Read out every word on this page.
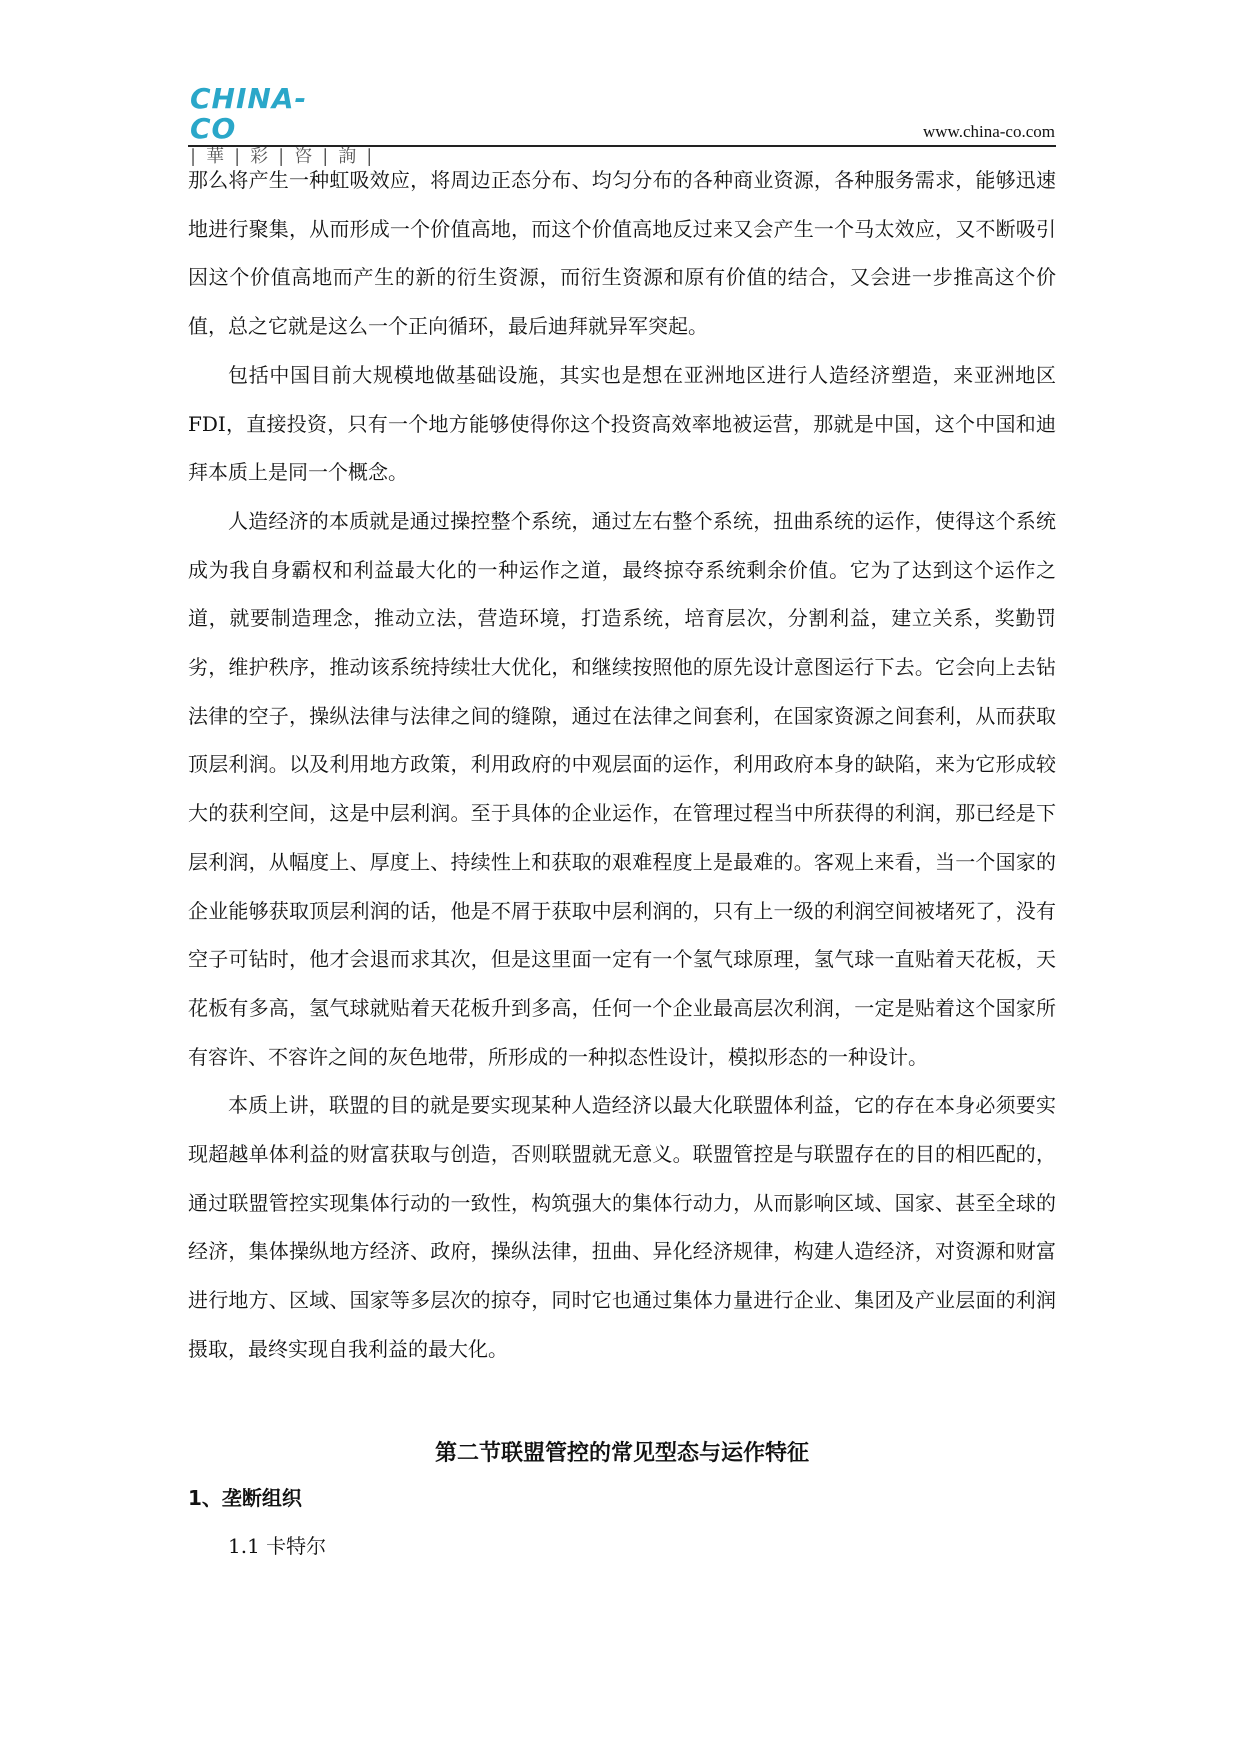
CHINA-CO
|華|彩|咨|詢|
www.china-co.com

那么将产生一种虹吸效应，将周边正态分布、均匀分布的各种商业资源，各种服务需求，能够迅速地进行聚集，从而形成一个价值高地，而这个价值高地反过来又会产生一个马太效应，又不断吸引因这个价值高地而产生的新的衍生资源，而衍生资源和原有价值的结合，又会进一步推高这个价值，总之它就是这么一个正向循环，最后迪拜就异军突起。

包括中国目前大规模地做基础设施，其实也是想在亚洲地区进行人造经济塑造，来亚洲地区 FDI，直接投资，只有一个地方能够使得你这个投资高效率地被运营，那就是中国，这个中国和迪拜本质上是同一个概念。

人造经济的本质就是通过操控整个系统，通过左右整个系统，扭曲系统的运作，使得这个系统成为我自身霸权和利益最大化的一种运作之道，最终掠夺系统剩余价值。它为了达到这个运作之道，就要制造理念，推动立法，营造环境，打造系统，培育层次，分割利益，建立关系，奖勤罚劣，维护秩序，推动该系统持续壮大优化，和继续按照他的原先设计意图运行下去。它会向上去钻法律的空子，操纵法律与法律之间的缝隙，通过在法律之间套利，在国家资源之间套利，从而获取顶层利润。以及利用地方政策，利用政府的中观层面的运作，利用政府本身的缺陷，来为它形成较大的获利空间，这是中层利润。至于具体的企业运作，在管理过程当中所获得的利润，那已经是下层利润，从幅度上、厚度上、持续性上和获取的艰难程度上是最难的。客观上来看，当一个国家的企业能够获取顶层利润的话，他是不屑于获取中层利润的，只有上一级的利润空间被堵死了，没有空子可钻时，他才会退而求其次，但是这里面一定有一个氢气球原理，氢气球一直贴着天花板，天花板有多高，氢气球就贴着天花板升到多高，任何一个企业最高层次利润，一定是贴着这个国家所有容许、不容许之间的灰色地带，所形成的一种拟态性设计，模拟形态的一种设计。

本质上讲，联盟的目的就是要实现某种人造经济以最大化联盟体利益，它的存在本身必须要实现超越单体利益的财富获取与创造，否则联盟就无意义。联盟管控是与联盟存在的目的相匹配的，通过联盟管控实现集体行动的一致性，构筑强大的集体行动力，从而影响区域、国家、甚至全球的经济，集体操纵地方经济、政府，操纵法律，扭曲、异化经济规律，构建人造经济，对资源和财富进行地方、区域、国家等多层次的掠夺，同时它也通过集体力量进行企业、集团及产业层面的利润摄取，最终实现自我利益的最大化。

第二节联盟管控的常见型态与运作特征
1、垄断组织

1.1 卡特尔
